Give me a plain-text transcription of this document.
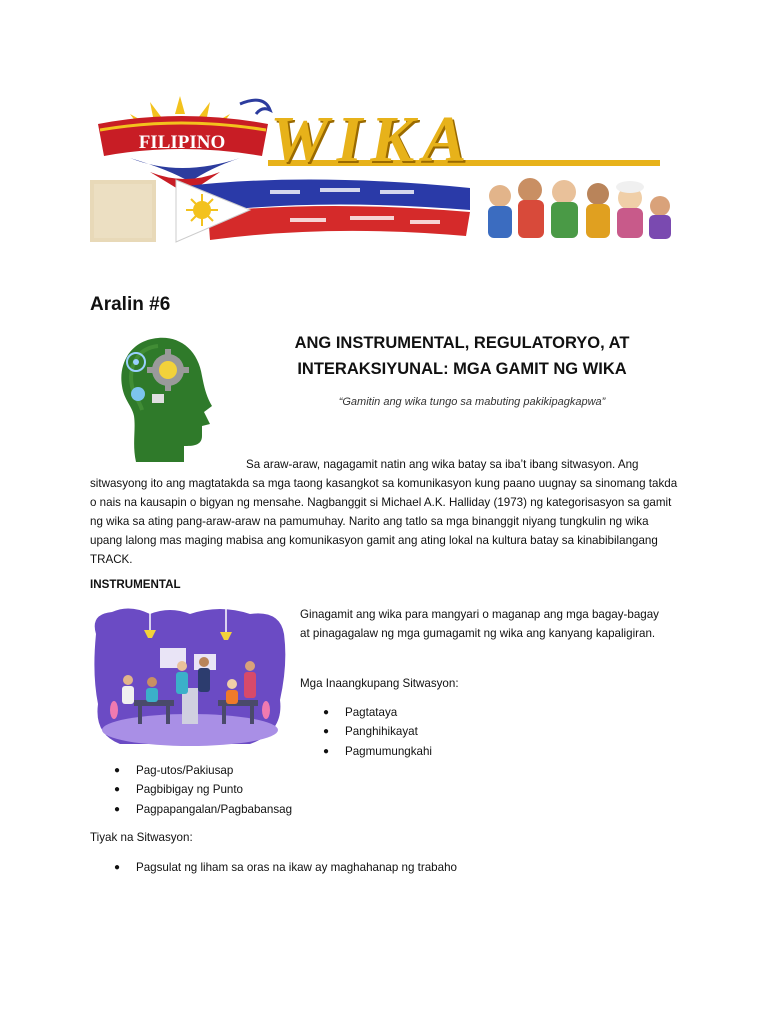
FILIPINO WIKA
Aralin #6
ANG INSTRUMENTAL, REGULATORYO, AT
INTERAKSIYUNAL: MGA GAMIT NG WIKA
“Gamitin ang wika tungo sa mabuting pakikipagkapwa”
Sa araw-araw, nagagamit natin ang wika batay sa iba’t ibang sitwasyon. Ang
sitwasyong ito ang magtatakda sa mga taong kasangkot sa komunikasyon kung paano uugnay sa sinomang takda o nais na kausapin o bigyan ng mensahe. Nagbanggit si Michael A.K. Halliday (1973) ng kategorisasyon sa gamit ng wika sa ating pang-araw-araw na pamumuhay. Narito ang tatlo sa mga binanggit niyang tungkulin ng wika upang lalong mas maging mabisa ang komunikasyon gamit ang ating lokal na kultura batay sa kinabibilangang TRACK.
INSTRUMENTAL
Ginagamit ang wika para mangyari o maganap ang mga bagay-bagay at pinagagalaw ng mga gumagamit ng wika ang kanyang kapaligiran.
Mga Inaangkupang Sitwasyon:
●	Pagtataya
●	Panghihikayat
●	Pagmumungkahi
●	Pag-utos/Pakiusap
●	Pagbibigay ng Punto
●	Pagpapangalan/Pagbabansag
Tiyak na Sitwasyon:
●	Pagsulat ng liham sa oras na ikaw ay maghahanap ng trabaho
